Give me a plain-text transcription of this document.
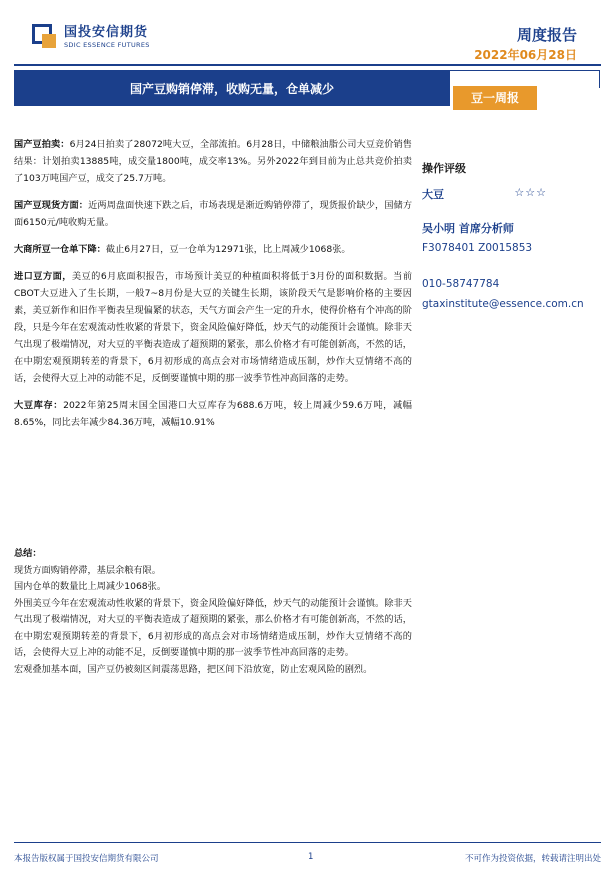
国投安信期货
SDIC ESSENCE FUTURES
周度报告
2022年06月28日
国产豆购销停滞，收购无量，仓单减少
豆一周报

国产豆拍卖：6月24日拍卖了28072吨大豆，全部流拍。6月28日，中储粮油脂公司大豆竞价销售结果：计划拍卖13885吨，成交量1800吨，成交率13%。另外2022年到目前为止总共竞价拍卖了103万吨国产豆，成交了25.7万吨。

国产豆现货方面：近两周盘面快速下跌之后，市场表现是渐近购销停滞了，现货报价缺少，国储方面6150元/吨收购无量。

大商所豆一仓单下降：截止6月27日，豆一仓单为12971张，比上周减少1068张。

进口豆方面，美豆的6月底面积报告，市场预计美豆的种植面积将低于3月份的面积数据。当前CBOT大豆进入了生长期，一般7~8月份是大豆的关键生长期，该阶段天气是影响价格的主要因素，美豆新作和旧作平衡表呈现偏紧的状态，天气方面会产生一定的升水，使得价格有个冲高的阶段，只是今年在宏观流动性收紧的背景下，资金风险偏好降低，炒天气的动能预计会谨慎。除非天气出现了极端情况，对大豆的平衡表造成了超预期的紧张，那么价格才有可能创新高，不然的话，在中期宏观预期转差的背景下，6月初形成的高点会对市场情绪造成压制，炒作大豆情绪不高的话，会使得大豆上冲的动能不足，反倒要谨慎中期的那一波季节性冲高回落的走势。

大豆库存：2022年第25周末国全国港口大豆库存为688.6万吨，较上周减少59.6万吨，减幅8.65%，同比去年减少84.36万吨，减幅10.91%

总结：
现货方面购销停滞，基层余粮有限。
国内仓单的数量比上周减少1068张。
外围美豆今年在宏观流动性收紧的背景下，资金风险偏好降低，炒天气的动能预计会谨慎。除非天气出现了极端情况，对大豆的平衡表造成了超预期的紧张，那么价格才有可能创新高，不然的话，在中期宏观预期转差的背景下，6月初形成的高点会对市场情绪造成压制，炒作大豆情绪不高的话，会使得大豆上冲的动能不足，反倒要谨慎中期的那一波季节性冲高回落的走势。
宏观叠加基本面，国产豆仍被刻区间震荡思路，把区间下沿放宽，防止宏观风险的剧烈。
操作评级
大豆	☆☆☆
吴小明 首席分析师
F3078401 Z0015853
010-58747784
gtaxinstitute@essence.com.cn
本报告版权属于国投安信期货有限公司	1	不可作为投资依据，转载请注明出处
